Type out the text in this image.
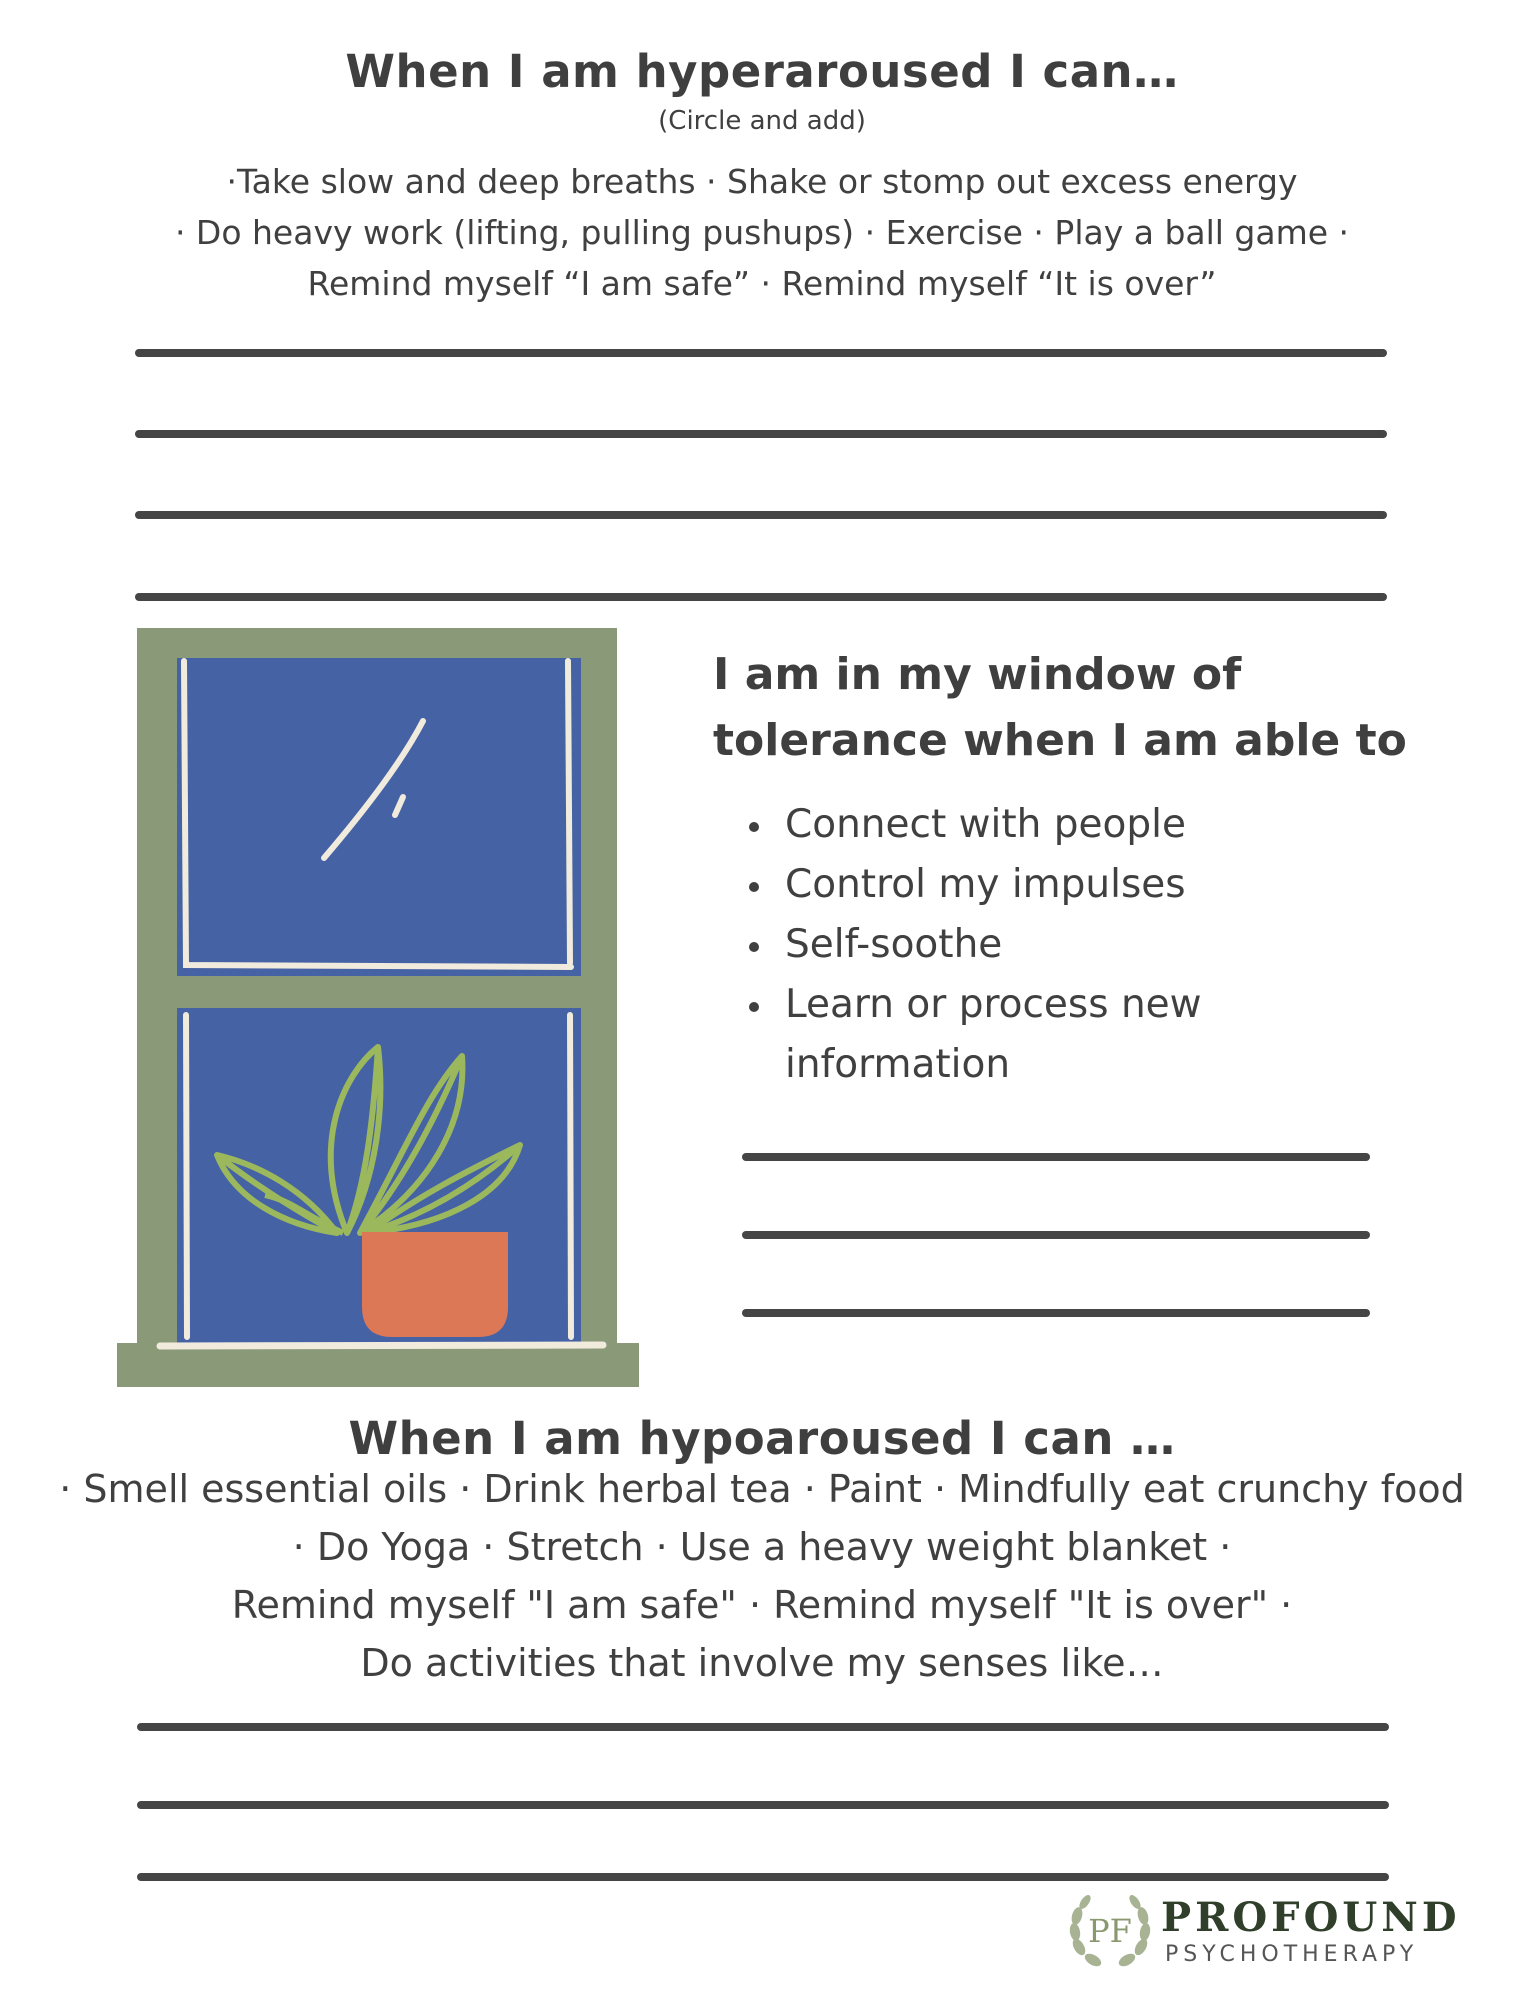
When I am hyperaroused I can…
(Circle and add)
·Take slow and deep breaths · Shake or stomp out excess energy
· Do heavy work (lifting, pulling pushups) · Exercise · Play a ball game ·
Remind myself “I am safe” · Remind myself “It is over”
I am in my window of
tolerance when I am able to
Connect with people
Control my impulses
Self-soothe
Learn or process new information
When I am hypoaroused I can …
· Smell essential oils · Drink herbal tea · Paint · Mindfully eat crunchy food
· Do Yoga · Stretch · Use a heavy weight blanket ·
Remind myself "I am safe" · Remind myself "It is over" ·
Do activities that involve my senses like…
PF PROFOUND
PSYCHOTHERAPY
